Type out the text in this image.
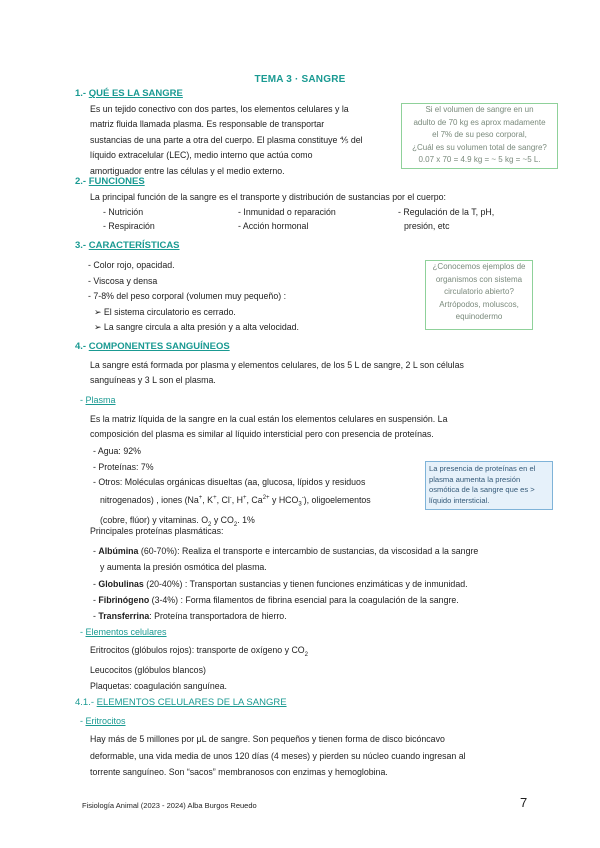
TEMA 3 · SANGRE
1.- QUÉ ES LA SANGRE
Es un tejido conectivo con dos partes, los elementos celulares y la
matriz fluida llamada plasma. Es responsable de transportar
sustancias de una parte a otra del cuerpo. El plasma constituye ⅘ del
líquido extracelular (LEC), medio interno que actúa como
amortiguador entre las células y el medio externo.
Si el volumen de sangre en un
adulto de 70 kg es aprox madamente
el 7% de su peso corporal,
¿Cuál es su volumen total de sangre?
0.07 x 70 = 4.9 kg = ~ 5 kg = ~5 L.
2.- FUNCIONES
La principal función de la sangre es el transporte y distribución de sustancias por el cuerpo:
- Nutrición
- Respiración
- Inmunidad o reparación
- Acción hormonal
- Regulación de la T, pH,
presión, etc
3.- CARACTERÍSTICAS
- Color rojo, opacidad.
- Viscosa y densa
- 7-8% del peso corporal (volumen muy pequeño) :
➢ El sistema circulatorio es cerrado.
➢ La sangre circula a alta presión y a alta velocidad.
¿Conocemos ejemplos de
organismos con sistema
circulatorio abierto?
Artrópodos, moluscos,
equinodermo
4.- COMPONENTES SANGUÍNEOS
La sangre está formada por plasma y elementos celulares, de los 5 L de sangre, 2 L son células
sanguíneas y 3 L son el plasma.
- Plasma
Es la matriz líquida de la sangre en la cual están los elementos celulares en suspensión. La
composición del plasma es similar al líquido intersticial pero con presencia de proteínas.
- Agua: 92%
- Proteínas: 7%
- Otros: Moléculas orgánicas disueltas (aa, glucosa, lípidos y residuos
nitrogenados) , iones (Na+, K+, Cl-, H+, $Ca^{2+}$ y $HCO_3^-$), oligoelementos
(cobre, flúor) y vitaminas. $O_2$ y $CO_2$. 1%
La presencia de proteínas en el
plasma aumenta la presión
osmótica de la sangre que es >
líquido intersticial.
Principales proteínas plasmáticas:
- Albúmina (60-70%): Realiza el transporte e intercambio de sustancias, da viscosidad a la sangre
y aumenta la presión osmótica del plasma.
- Globulinas (20-40%) : Transportan sustancias y tienen funciones enzimáticas y de inmunidad.
- Fibrinógeno (3-4%) : Forma filamentos de fibrina esencial para la coagulación de la sangre.
- Transferrina: Proteína transportadora de hierro.
- Elementos celulares
Eritrocitos (glóbulos rojos): transporte de oxígeno y $CO_2$
Leucocitos (glóbulos blancos)
Plaquetas: coagulación sanguínea.
4.1.- ELEMENTOS CELULARES DE LA SANGRE
- Eritrocitos
Hay más de 5 millones por μL de sangre. Son pequeños y tienen forma de disco bicóncavo
deformable, una vida media de unos 120 días (4 meses) y pierden su núcleo cuando ingresan al
torrente sanguíneo. Son “sacos” membranosos con enzimas y hemoglobina.
Fisiología Animal (2023 - 2024) Alba Burgos Reuedo	7
